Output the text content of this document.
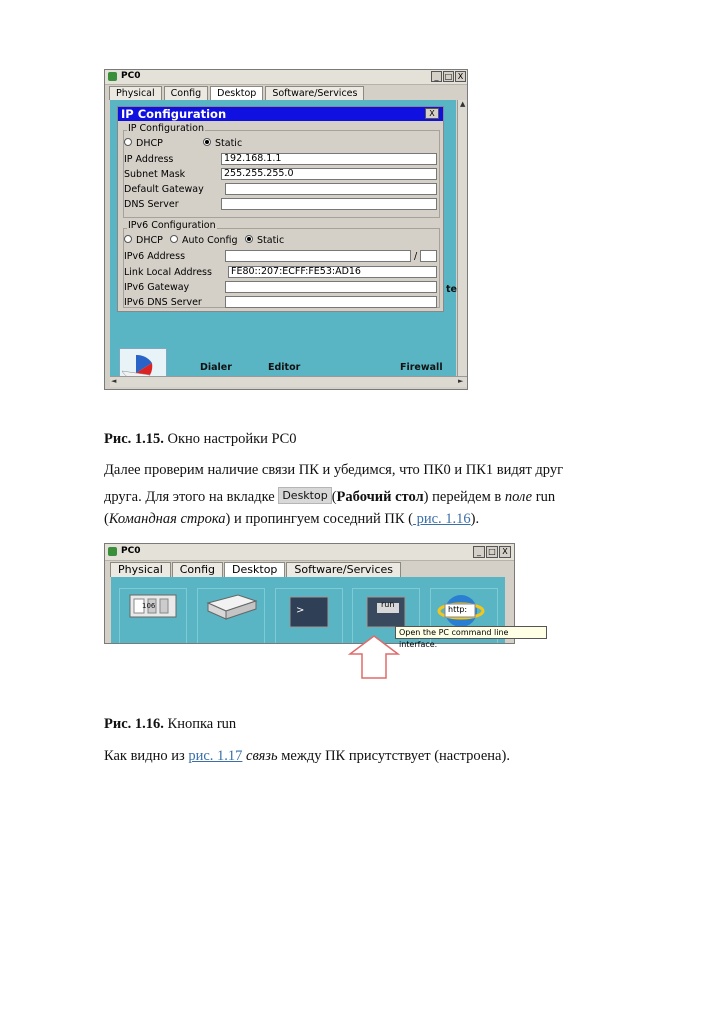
PC0	_ □ X
Physical	Config	Desktop	Software/Services
Dialer	Editor	Firewall
te
▲
◄	►
IP Configuration	X
IP Configuration
DHCP	Static
IP Address	192.168.1.1
Subnet Mask	255.255.255.0
Default Gateway
DNS Server
IPv6 Configuration
DHCP	Auto Config	Static
IPv6 Address	/
Link Local Address	FE80::207:ECFF:FE53:AD16
IPv6 Gateway
IPv6 DNS Server
Рис. 1.15. Окно настройки PC0
Далее проверим наличие связи ПК и убедимся, что ПК0 и ПК1 видят друг
друга. Для этого на вкладке Desktop (Рабочий стол) перейдем в поле run
(Командная строка) и пропингуем соседний ПК ( рис. 1.16).
PC0	_ □ X
Physical	Config	Desktop	Software/Services
106	>
run
http:
Open the PC command line interface.
Рис. 1.16. Кнопка run
Как видно из рис. 1.17 связь между ПК присутствует (настроена).
